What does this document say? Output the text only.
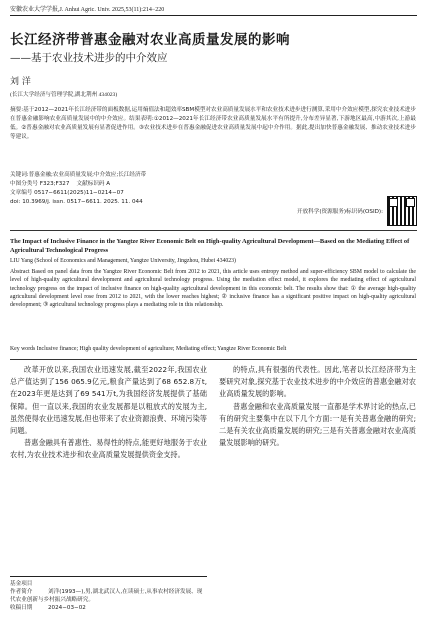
安徽农业大学学报,J. Anhui Agric. Univ. 2025,53(11):214−220
长江经济带普惠金融对农业高质量发展的影响
——基于农业技术进步的中介效应
刘 洋
(长江大学经济与管理学院,湖北荆州 434023)
摘要:基于2012—2021年长江经济带的面板数据,运用熵值法和超效率SBM模型对农业高质量发展水平和农业技术进步进行测算,采用中介效应模型,探究农业技术进步在普惠金融影响农业高质量发展中的中介效应。结果表明:①2012—2021年长江经济带农业高质量发展水平有所提升,分布差异显著,下游地区最高,中游其次,上游最低。②普惠金融对农业高质量发展有显著促进作用。③农业技术进步在普惠金融促进农业高质量发展中起中介作用。据此,提出加快普惠金融发展、推动农业技术进步等建议。
关键词:普惠金融;农业高质量发展;中介效应;长江经济带
中图分类号 F323;F327 文献标识码 A
文章编号 0517−6611(2025)11−0214−07
doi: 10.3969/j. issn. 0517−6611. 2025. 11. 044
开放科学(资源服务)标识码(OSID):
The Impact of Inclusive Finance in the Yangtze River Economic Belt on High-quality Agricultural Development—Based on the Mediating Effect of Agricultural Technological Progress
LIU Yang (School of Economics and Management, Yangtze University, Jingzhou, Hubei 434023)
Abstract Based on panel data from the Yangtze River Economic Belt from 2012 to 2021, this article uses entropy method and super-efficiency SBM model to calculate the level of high-quality agricultural development and agricultural technology progress. Using the mediation effect model, it explores the mediating effect of agricultural technology progress on the impact of inclusive finance on high-quality agricultural development in this economic belt. The results show that: ① the average high-quality agricultural development level rose from 2012 to 2021, with the lower reaches highest; ② inclusive finance has a significant positive impact on high-quality agricultural development; ③ agricultural technology progress plays a mediating role in this relationship.
Key words Inclusive finance; High quality development of agriculture; Mediating effect; Yangtze River Economic Belt

改革开放以来,我国农业迅速发展,截至2022年,我国农业总产值达到了156 065.9亿元,粮食产量达到了68 652.8万t,在2023年更是达到了69 541万t,为我国经济发展提供了基础保障。但一直以来,我国的农业发展都是以粗放式的发展为主,虽然使得农业迅速发展,但也带来了农业资源浪费、环境污染等问题。

普惠金融具有普惠性、易得性的特点,能更好地服务于农业农村,为农业技术进步和农业高质量发展提供资金支持。

的特点,具有很强的代表性。因此,笔者以长江经济带为主要研究对象,探究基于农业技术进步的中介效应的普惠金融对农业高质量发展的影响。

普惠金融和农业高质量发展一直都是学术界讨论的热点,已有的研究主要集中在以下几个方面:一是有关普惠金融的研究;二是有关农业高质量发展的研究;三是有关普惠金融对农业高质量发展影响的研究。

基金项目
作者简介	刘洋(1993—),男,湖北武汉人,在读硕士,从事农村经济发展、现代农业创新与乡村振兴战略研究。
收稿日期	2024−03−02
